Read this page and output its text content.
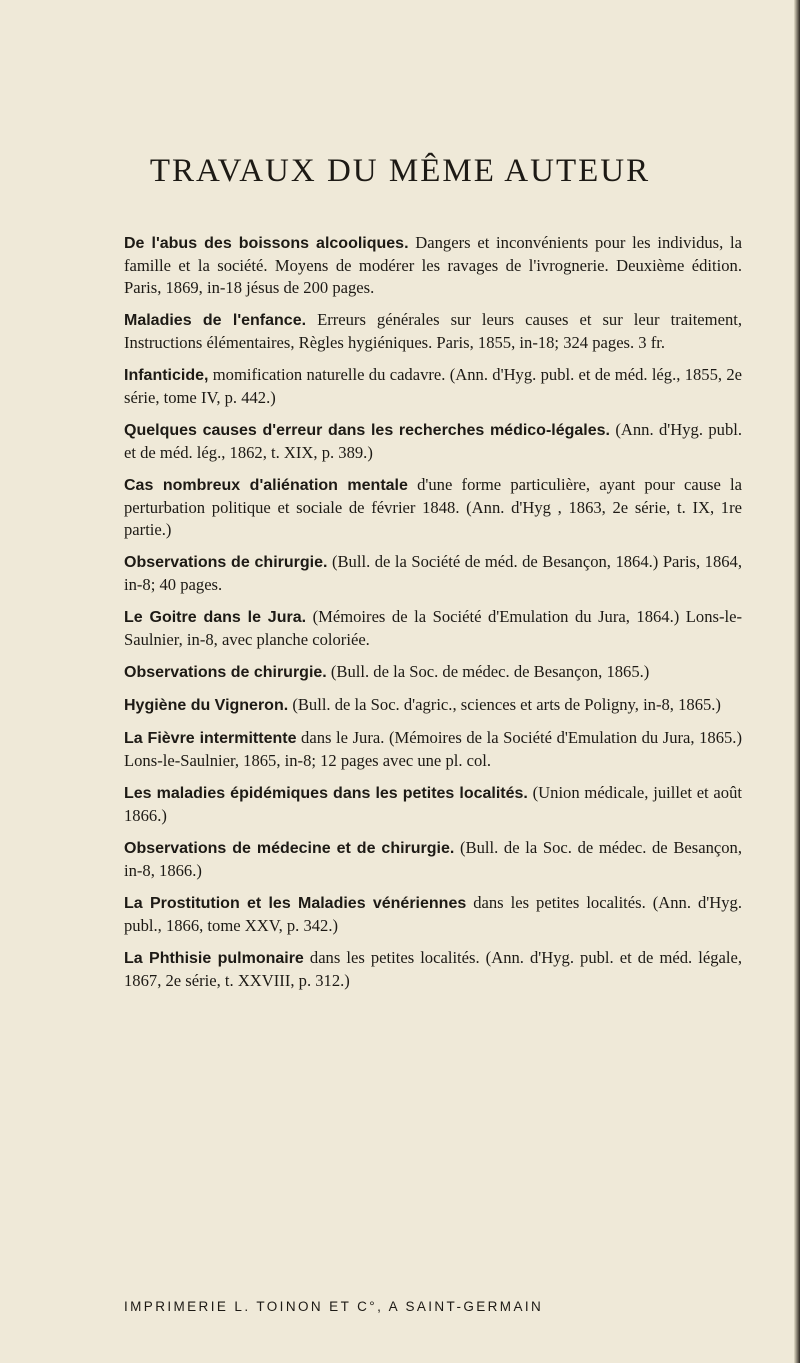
TRAVAUX DU MÊME AUTEUR

De l'abus des boissons alcooliques. Dangers et inconvénients pour les individus, la famille et la société. Moyens de modérer les ravages de l'ivrognerie. Deuxième édition. Paris, 1869, in-18 jésus de 200 pages.

Maladies de l'enfance. Erreurs générales sur leurs causes et sur leur traitement, Instructions élémentaires, Règles hygiéniques. Paris, 1855, in-18; 324 pages. 3 fr.

Infanticide, momification naturelle du cadavre. (Ann. d'Hyg. publ. et de méd. lég., 1855, 2e série, tome IV, p. 442.)

Quelques causes d'erreur dans les recherches médico-légales. (Ann. d'Hyg. publ. et de méd. lég., 1862, t. XIX, p. 389.)

Cas nombreux d'aliénation mentale d'une forme particulière, ayant pour cause la perturbation politique et sociale de février 1848. (Ann. d'Hyg , 1863, 2e série, t. IX, 1re partie.)

Observations de chirurgie. (Bull. de la Société de méd. de Besançon, 1864.) Paris, 1864, in-8; 40 pages.

Le Goitre dans le Jura. (Mémoires de la Société d'Emulation du Jura, 1864.) Lons-le-Saulnier, in-8, avec planche coloriée.

Observations de chirurgie. (Bull. de la Soc. de médec. de Besançon, 1865.)

Hygiène du Vigneron. (Bull. de la Soc. d'agric., sciences et arts de Poligny, in-8, 1865.)

La Fièvre intermittente dans le Jura. (Mémoires de la Société d'Emulation du Jura, 1865.) Lons-le-Saulnier, 1865, in-8; 12 pages avec une pl. col.

Les maladies épidémiques dans les petites localités. (Union médicale, juillet et août 1866.)

Observations de médecine et de chirurgie. (Bull. de la Soc. de médec. de Besançon, in-8, 1866.)

La Prostitution et les Maladies vénériennes dans les petites localités. (Ann. d'Hyg. publ., 1866, tome XXV, p. 342.)

La Phthisie pulmonaire dans les petites localités. (Ann. d'Hyg. publ. et de méd. légale, 1867, 2e série, t. XXVIII, p. 312.)

IMPRIMERIE L. TOINON ET C°, A SAINT-GERMAIN
